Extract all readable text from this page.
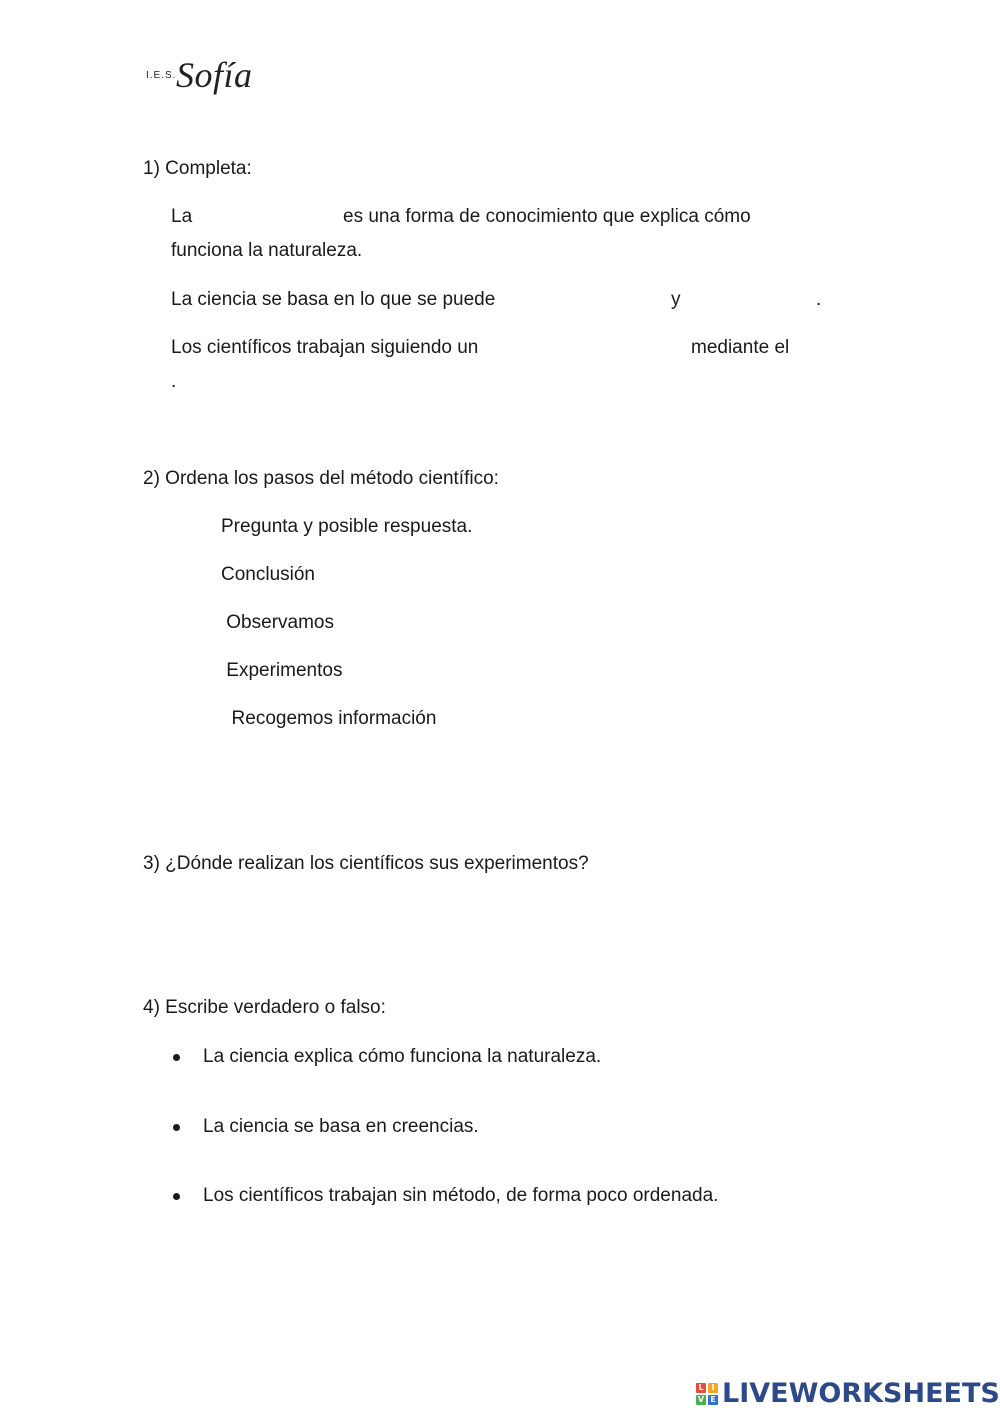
I.E.S. Sofía
1) Completa:
La	es una forma de conocimiento que explica cómo
funciona la naturaleza.
La ciencia se basa en lo que se puede	y	.
Los científicos trabajan siguiendo un	mediante el
.
2) Ordena los pasos del método científico:
Pregunta y posible respuesta.
Conclusión
Observamos
Experimentos
Recogemos información
3) ¿Dónde realizan los científicos sus experimentos?
4) Escribe verdadero o falso:
La ciencia explica cómo funciona la naturaleza.
La ciencia se basa en creencias.
Los científicos trabajan sin método, de forma poco ordenada.
L I
V E LIVEWORKSHEETS
